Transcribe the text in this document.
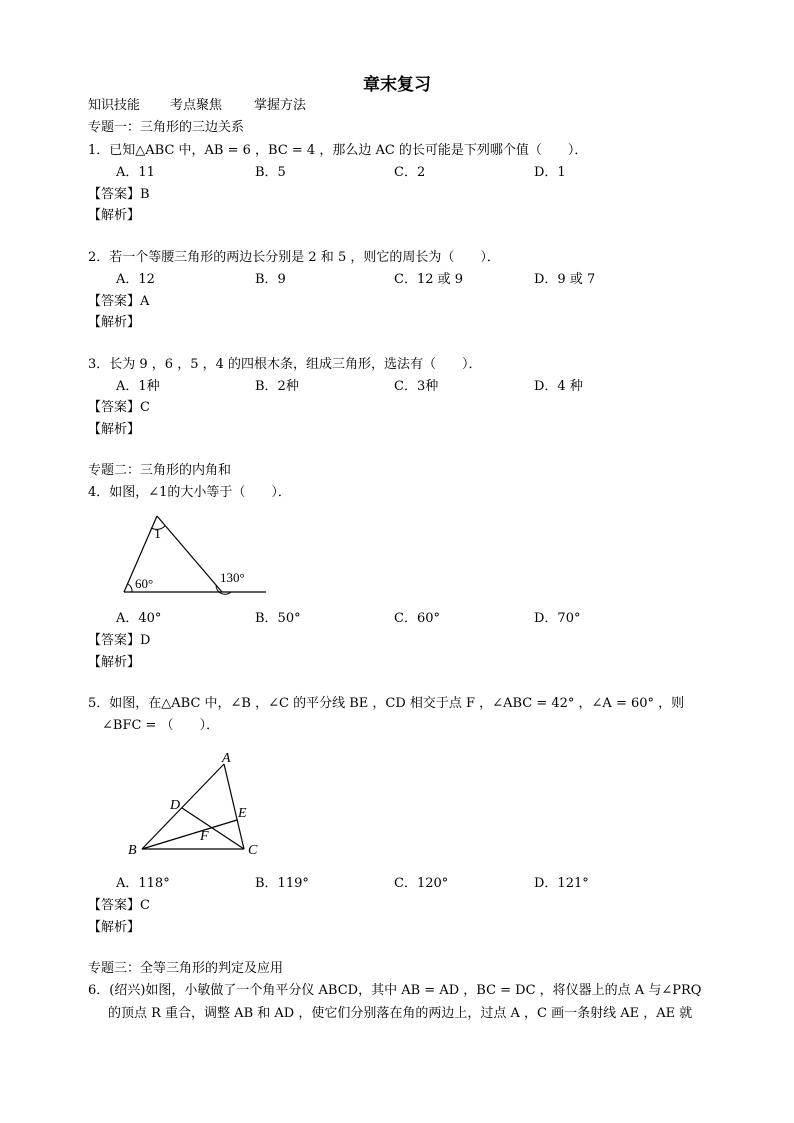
章末复习
知识技能 考点聚焦 掌握方法
专题一：三角形的三边关系
1．已知△ABC 中，AB = 6 ，BC = 4 ，那么边 AC 的长可能是下列哪个值（　　）．
A．11	B．5	C．2	D．1
【答案】B
【解析】
2．若一个等腰三角形的两边长分别是 2 和 5 ，则它的周长为（　　）．
A．12	B．9	C．12 或 9	D．9 或 7
【答案】A
【解析】
3．长为 9 ，6 ，5 ，4 的四根木条，组成三角形，选法有（　　）．
A．1种	B．2种	C．3种	D．4 种
【答案】C
【解析】
专题二：三角形的内角和
4．如图，∠1的大小等于（　　）．
1
60°	130°
A．40°	B．50°	C．60°	D．70°
【答案】D
【解析】
5．如图，在△ABC 中，∠B ，∠C 的平分线 BE ，CD 相交于点 F ，∠ABC = 42° ，∠A = 60° ，则
∠BFC = （　　）．
A
B	C
D
E
F
A．118°	B．119°	C．120°	D．121°
【答案】C
【解析】
专题三：全等三角形的判定及应用
6．(绍兴)如图，小敏做了一个角平分仪 ABCD，其中 AB = AD ，BC = DC ，将仪器上的点 A 与∠PRQ
的顶点 R 重合，调整 AB 和 AD ，使它们分别落在角的两边上，过点 A ，C 画一条射线 AE ，AE 就
